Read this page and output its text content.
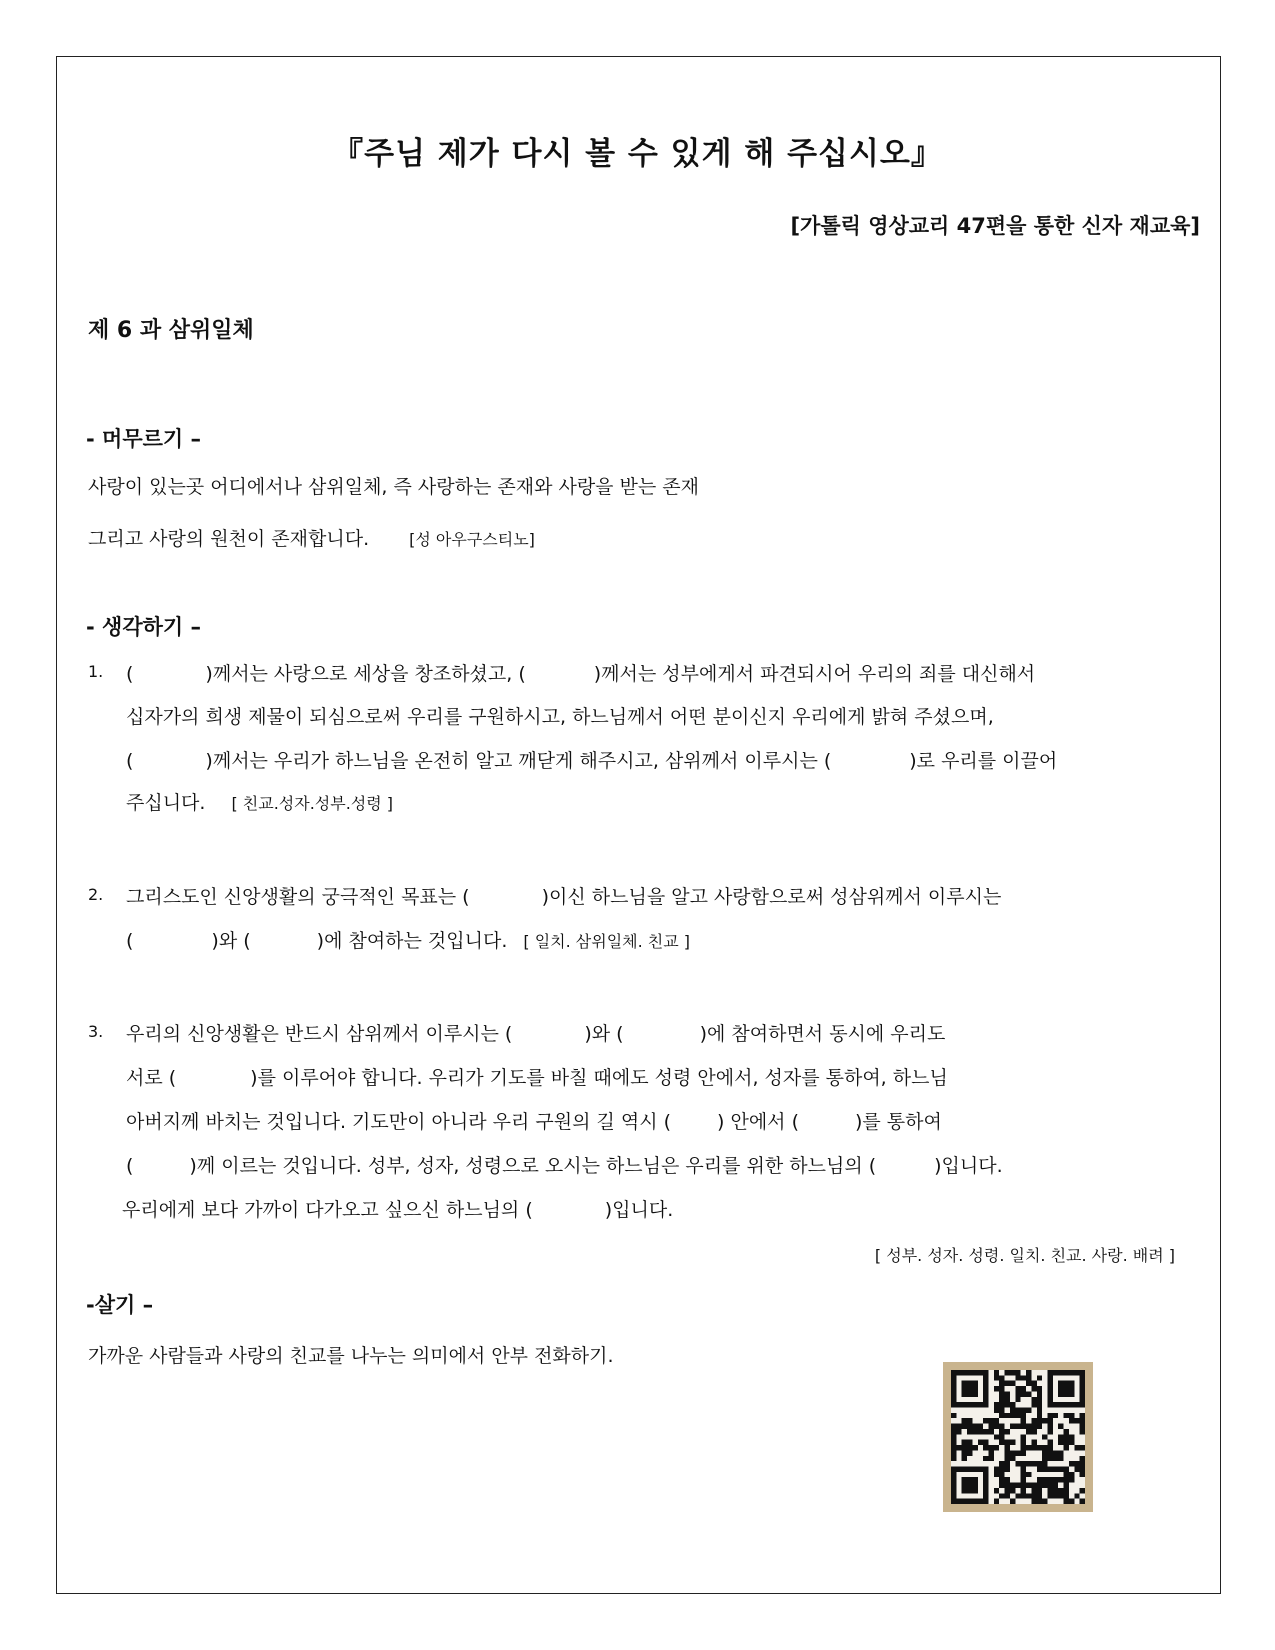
『주님 제가 다시 볼 수 있게 해 주십시오』
[가톨릭 영상교리 47편을 통한 신자 재교육]
제 6 과 삼위일체
- 머무르기 –
사랑이 있는곳 어디에서나 삼위일체, 즉 사랑하는 존재와 사랑을 받는 존재
그리고 사랑의 원천이 존재합니다.	[성 아우구스티노]
- 생각하기 –
1. (	)께서는 사랑으로 세상을 창조하셨고, (	)께서는 성부에게서 파견되시어 우리의 죄를 대신해서
십자가의 희생 제물이 되심으로써 우리를 구원하시고, 하느님께서 어떤 분이신지 우리에게 밝혀 주셨으며,
(	)께서는 우리가 하느님을 온전히 알고 깨닫게 해주시고, 삼위께서 이루시는 (	)로 우리를 이끌어
주십니다. [ 친교.성자.성부.성령 ]
2. 그리스도인 신앙생활의 궁극적인 목표는 (	)이신 하느님을 알고 사랑함으로써 성삼위께서 이루시는
(	)와 (	)에 참여하는 것입니다. [ 일치. 삼위일체. 친교 ]
3. 우리의 신앙생활은 반드시 삼위께서 이루시는 (	)와 (	)에 참여하면서 동시에 우리도
서로 (	)를 이루어야 합니다. 우리가 기도를 바칠 때에도 성령 안에서, 성자를 통하여, 하느님
아버지께 바치는 것입니다. 기도만이 아니라 우리 구원의 길 역시 ( ) 안에서 (	)를 통하여
(	)께 이르는 것입니다. 성부, 성자, 성령으로 오시는 하느님은 우리를 위한 하느님의 (	)입니다.
우리에게 보다 가까이 다가오고 싶으신 하느님의 (	)입니다.
[ 성부. 성자. 성령. 일치. 친교. 사랑. 배려 ]
-살기 –
가까운 사람들과 사랑의 친교를 나누는 의미에서 안부 전화하기.
